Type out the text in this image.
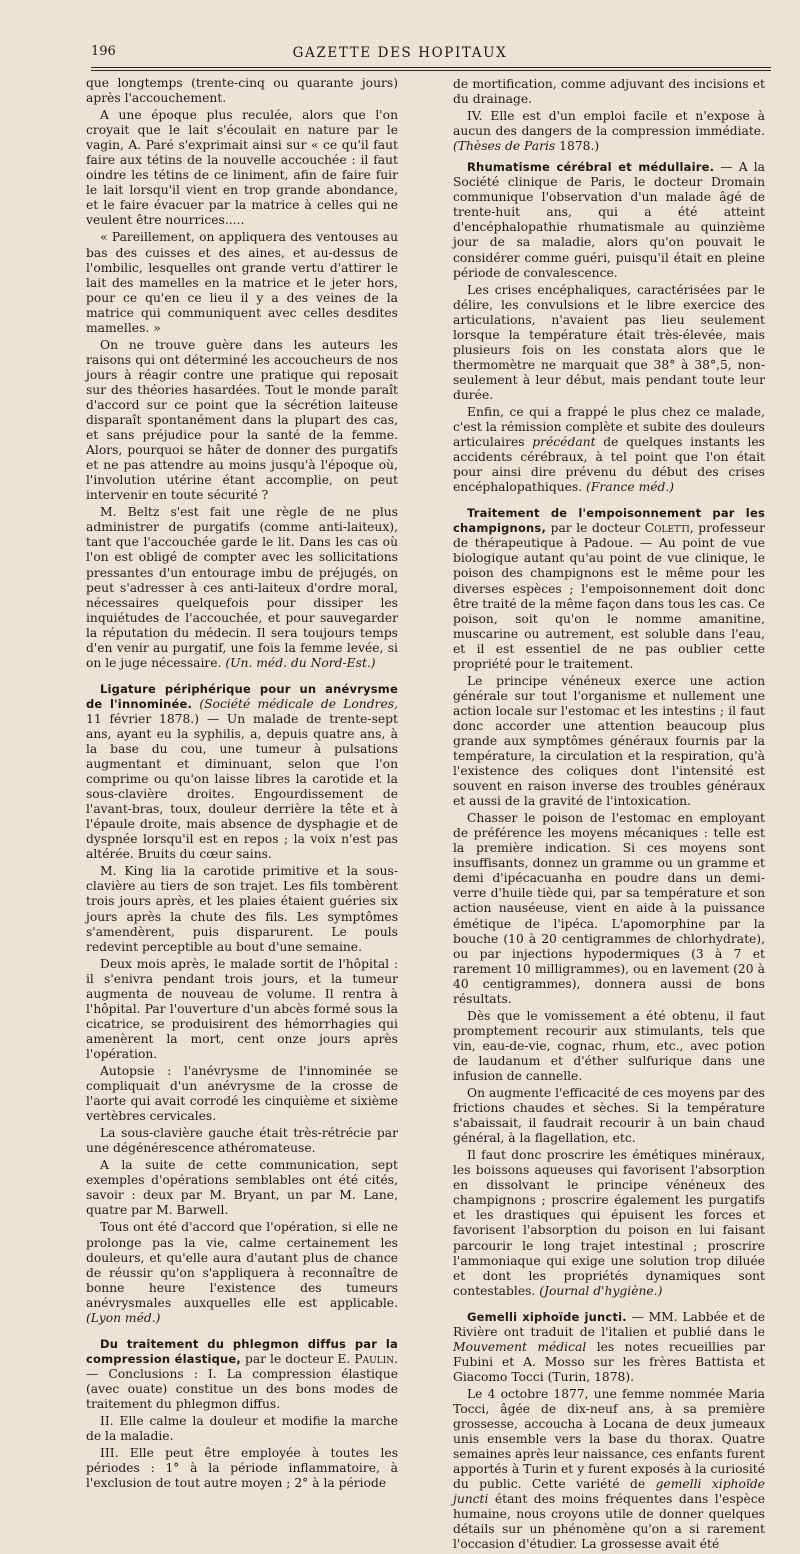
196	GAZETTE DES HOPITAUX

que longtemps (trente-cinq ou quarante jours) après l'accouchement.

A une époque plus reculée, alors que l'on croyait que le lait s'écoulait en nature par le vagin, A. Paré s'exprimait ainsi sur « ce qu'il faut faire aux tétins de la nouvelle accouchée : il faut oindre les tétins de ce liniment, afin de faire fuir le lait lorsqu'il vient en trop grande abondance, et le faire évacuer par la matrice à celles qui ne veulent être nourrices.....

« Pareillement, on appliquera des ventouses au bas des cuisses et des aines, et au-dessus de l'ombilic, lesquelles ont grande vertu d'attirer le lait des mamelles en la matrice et le jeter hors, pour ce qu'en ce lieu il y a des veines de la matrice qui communiquent avec celles desdites mamelles. »

On ne trouve guère dans les auteurs les raisons qui ont déterminé les accoucheurs de nos jours à réagir contre une pratique qui reposait sur des théories hasardées. Tout le monde paraît d'accord sur ce point que la sécrétion laiteuse disparaît spontanément dans la plupart des cas, et sans préjudice pour la santé de la femme. Alors, pourquoi se hâter de donner des purgatifs et ne pas attendre au moins jusqu'à l'époque où, l'involution utérine étant accomplie, on peut intervenir en toute sécurité ?

M. Beltz s'est fait une règle de ne plus administrer de purgatifs (comme anti-laiteux), tant que l'accouchée garde le lit. Dans les cas où l'on est obligé de compter avec les sollicitations pressantes d'un entourage imbu de préjugés, on peut s'adresser à ces anti-laiteux d'ordre moral, nécessaires quelquefois pour dissiper les inquiétudes de l'accouchée, et pour sauvegarder la réputation du médecin. Il sera toujours temps d'en venir au purgatif, une fois la femme levée, si on le juge nécessaire. (Un. méd. du Nord-Est.)

Ligature périphérique pour un anévrysme de l'innominée. (Société médicale de Londres, 11 février 1878.) — Un malade de trente-sept ans, ayant eu la syphilis, a, depuis quatre ans, à la base du cou, une tumeur à pulsations augmentant et diminuant, selon que l'on comprime ou qu'on laisse libres la carotide et la sous-clavière droites. Engourdissement de l'avant-bras, toux, douleur derrière la tête et à l'épaule droite, mais absence de dysphagie et de dyspnée lorsqu'il est en repos ; la voix n'est pas altérée. Bruits du cœur sains.

M. King lia la carotide primitive et la sous-clavière au tiers de son trajet. Les fils tombèrent trois jours après, et les plaies étaient guéries six jours après la chute des fils. Les symptômes s'amendèrent, puis disparurent. Le pouls redevint perceptible au bout d'une semaine.

Deux mois après, le malade sortit de l'hôpital : il s'enivra pendant trois jours, et la tumeur augmenta de nouveau de volume. Il rentra à l'hôpital. Par l'ouverture d'un abcès formé sous la cicatrice, se produisirent des hémorrhagies qui amenèrent la mort, cent onze jours après l'opération.

Autopsie : l'anévrysme de l'innominée se compliquait d'un anévrysme de la crosse de l'aorte qui avait corrodé les cinquième et sixième vertèbres cervicales.

La sous-clavière gauche était très-rétrécie par une dégénérescence athéromateuse.

A la suite de cette communication, sept exemples d'opérations semblables ont été cités, savoir : deux par M. Bryant, un par M. Lane, quatre par M. Barwell.

Tous ont été d'accord que l'opération, si elle ne prolonge pas la vie, calme certainement les douleurs, et qu'elle aura d'autant plus de chance de réussir qu'on s'appliquera à reconnaître de bonne heure l'existence des tumeurs anévrysmales auxquelles elle est applicable. (Lyon méd.)

Du traitement du phlegmon diffus par la compression élastique, par le docteur E. Paulin. — Conclusions : I. La compression élastique (avec ouate) constitue un des bons modes de traitement du phlegmon diffus.

II. Elle calme la douleur et modifie la marche de la maladie.

III. Elle peut être employée à toutes les périodes : 1° à la période inflammatoire, à l'exclusion de tout autre moyen ; 2° à la période

de mortification, comme adjuvant des incisions et du drainage.

IV. Elle est d'un emploi facile et n'expose à aucun des dangers de la compression immédiate. (Thèses de Paris 1878.)

Rhumatisme cérébral et médullaire. — A la Société clinique de Paris, le docteur Dromain communique l'observation d'un malade âgé de trente-huit ans, qui a été atteint d'encéphalopathie rhumatismale au quinzième jour de sa maladie, alors qu'on pouvait le considérer comme guéri, puisqu'il était en pleine période de convalescence.

Les crises encéphaliques, caractérisées par le délire, les convulsions et le libre exercice des articulations, n'avaient pas lieu seulement lorsque la température était très-élevée, mais plusieurs fois on les constata alors que le thermomètre ne marquait que 38° à 38°,5, non-seulement à leur début, mais pendant toute leur durée.

Enfin, ce qui a frappé le plus chez ce malade, c'est la rémission complète et subite des douleurs articulaires précédant de quelques instants les accidents cérébraux, à tel point que l'on était pour ainsi dire prévenu du début des crises encéphalopathiques. (France méd.)

Traitement de l'empoisonnement par les champignons, par le docteur Coletti, professeur de thérapeutique à Padoue. — Au point de vue biologique autant qu'au point de vue clinique, le poison des champignons est le même pour les diverses espèces ; l'empoisonnement doit donc être traité de la même façon dans tous les cas. Ce poison, soit qu'on le nomme amanitine, muscarine ou autrement, est soluble dans l'eau, et il est essentiel de ne pas oublier cette propriété pour le traitement.

Le principe vénéneux exerce une action générale sur tout l'organisme et nullement une action locale sur l'estomac et les intestins ; il faut donc accorder une attention beaucoup plus grande aux symptômes généraux fournis par la température, la circulation et la respiration, qu'à l'existence des coliques dont l'intensité est souvent en raison inverse des troubles généraux et aussi de la gravité de l'intoxication.

Chasser le poison de l'estomac en employant de préférence les moyens mécaniques : telle est la première indication. Si ces moyens sont insuffisants, donnez un gramme ou un gramme et demi d'ipécacuanha en poudre dans un demi-verre d'huile tiède qui, par sa température et son action nauséeuse, vient en aide à la puissance émétique de l'ipéca. L'apomorphine par la bouche (10 à 20 centigrammes de chlorhydrate), ou par injections hypodermiques (3 à 7 et rarement 10 milligrammes), ou en lavement (20 à 40 centigrammes), donnera aussi de bons résultats.

Dès que le vomissement a été obtenu, il faut promptement recourir aux stimulants, tels que vin, eau-de-vie, cognac, rhum, etc., avec potion de laudanum et d'éther sulfurique dans une infusion de cannelle.

On augmente l'efficacité de ces moyens par des frictions chaudes et sèches. Si la température s'abaissait, il faudrait recourir à un bain chaud général, à la flagellation, etc.

Il faut donc proscrire les émétiques minéraux, les boissons aqueuses qui favorisent l'absorption en dissolvant le principe vénéneux des champignons ; proscrire également les purgatifs et les drastiques qui épuisent les forces et favorisent l'absorption du poison en lui faisant parcourir le long trajet intestinal ; proscrire l'ammoniaque qui exige une solution trop diluée et dont les propriétés dynamiques sont contestables. (Journal d'hygiène.)

Gemelli xiphoïde juncti. — MM. Labbée et de Rivière ont traduit de l'italien et publié dans le Mouvement médical les notes recueillies par Fubini et A. Mosso sur les frères Battista et Giacomo Tocci (Turin, 1878).

Le 4 octobre 1877, une femme nommée Maria Tocci, âgée de dix-neuf ans, à sa première grossesse, accoucha à Locana de deux jumeaux unis ensemble vers la base du thorax. Quatre semaines après leur naissance, ces enfants furent apportés à Turin et y furent exposés à la curiosité du public. Cette variété de gemelli xiphoïde juncti étant des moins fréquentes dans l'espèce humaine, nous croyons utile de donner quelques détails sur un phénomène qu'on a si rarement l'occasion d'étudier. La grossesse avait été
